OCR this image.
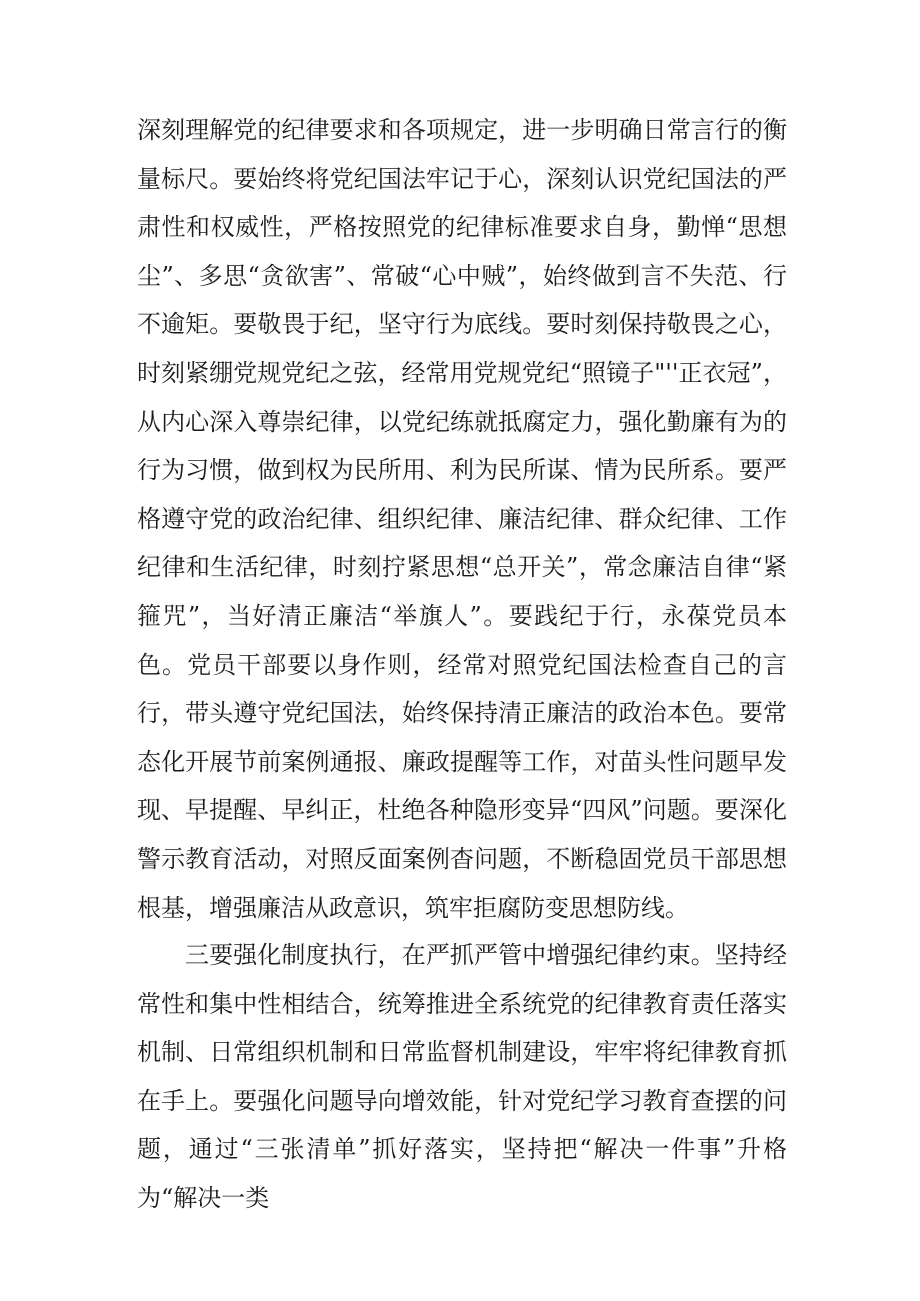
深刻理解党的纪律要求和各项规定，进一步明确日常言行的衡量标尺。要始终将党纪国法牢记于心，深刻认识党纪国法的严肃性和权威性，严格按照党的纪律标准要求自身，勤惮“思想尘”、多思“贪欲害”、常破“心中贼”，始终做到言不失范、行不逾矩。要敬畏于纪，坚守行为底线。要时刻保持敬畏之心，时刻紧绷党规党纪之弦，经常用党规党纪“照镜子"''正衣冠”，从内心深入尊崇纪律，以党纪练就抵腐定力，强化勤廉有为的行为习惯，做到权为民所用、利为民所谋、情为民所系。要严格遵守党的政治纪律、组织纪律、廉洁纪律、群众纪律、工作纪律和生活纪律，时刻拧紧思想“总开关”，常念廉洁自律“紧箍咒”，当好清正廉洁“举旗人”。要践纪于行，永葆党员本色。党员干部要以身作则，经常对照党纪国法检查自己的言行，带头遵守党纪国法，始终保持清正廉洁的政治本色。要常态化开展节前案例通报、廉政提醒等工作，对苗头性问题早发现、早提醒、早纠正，杜绝各种隐形变异“四风”问题。要深化警示教育活动，对照反面案例杳问题，不断稳固党员干部思想根基，增强廉洁从政意识，筑牢拒腐防变思想防线。

三要强化制度执行，在严抓严管中增强纪律约束。坚持经常性和集中性相结合，统筹推进全系统党的纪律教育责任落实机制、日常组织机制和日常监督机制建设，牢牢将纪律教育抓在手上。要强化问题导向增效能，针对党纪学习教育查摆的问题，通过“三张清单”抓好落实，坚持把“解决一件事”升格为“解决一类
